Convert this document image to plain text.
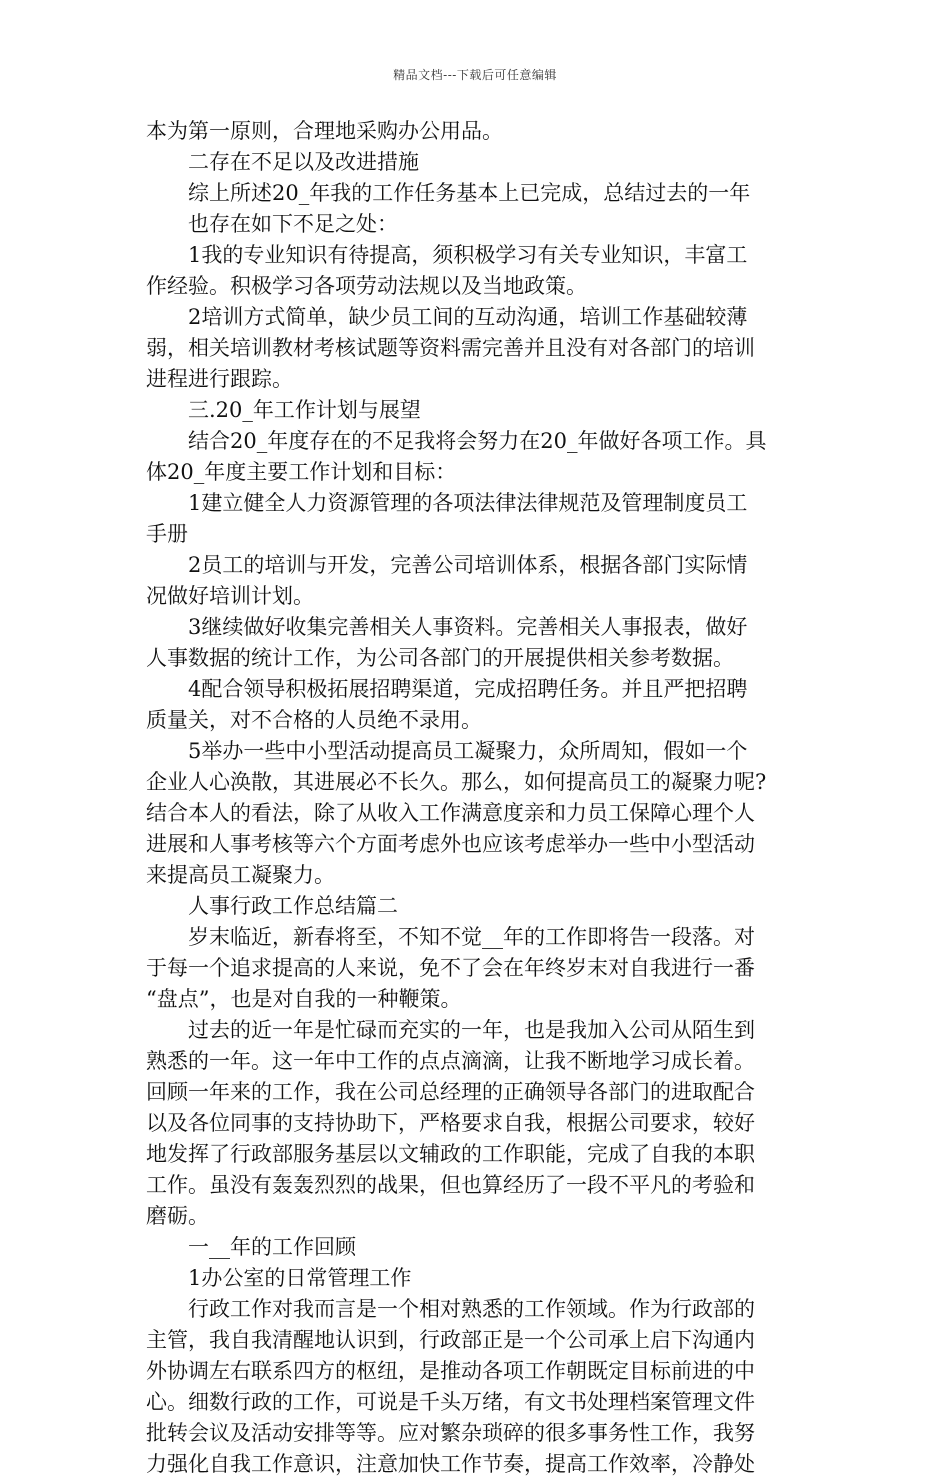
精品文档---下载后可任意编辑
本为第一原则，合理地采购办公用品。
二存在不足以及改进措施
综上所述20_年我的工作任务基本上已完成，总结过去的一年
也存在如下不足之处：
1我的专业知识有待提高，须积极学习有关专业知识，丰富工
作经验。积极学习各项劳动法规以及当地政策。
2培训方式简单，缺少员工间的互动沟通，培训工作基础较薄
弱，相关培训教材考核试题等资料需完善并且没有对各部门的培训
进程进行跟踪。
三.20_年工作计划与展望
结合20_年度存在的不足我将会努力在20_年做好各项工作。具
体20_年度主要工作计划和目标：
1建立健全人力资源管理的各项法律法律规范及管理制度员工
手册
2员工的培训与开发，完善公司培训体系，根据各部门实际情
况做好培训计划。
3继续做好收集完善相关人事资料。完善相关人事报表，做好
人事数据的统计工作，为公司各部门的开展提供相关参考数据。
4配合领导积极拓展招聘渠道，完成招聘任务。并且严把招聘
质量关，对不合格的人员绝不录用。
5举办一些中小型活动提高员工凝聚力，众所周知，假如一个
企业人心涣散，其进展必不长久。那么，如何提高员工的凝聚力呢?
结合本人的看法，除了从收入工作满意度亲和力员工保障心理个人
进展和人事考核等六个方面考虑外也应该考虑举办一些中小型活动
来提高员工凝聚力。
人事行政工作总结篇二
岁末临近，新春将至，不知不觉__年的工作即将告一段落。对
于每一个追求提高的人来说，免不了会在年终岁末对自我进行一番
“盘点”，也是对自我的一种鞭策。
过去的近一年是忙碌而充实的一年，也是我加入公司从陌生到
熟悉的一年。这一年中工作的点点滴滴，让我不断地学习成长着。
回顾一年来的工作，我在公司总经理的正确领导各部门的进取配合
以及各位同事的支持协助下，严格要求自我，根据公司要求，较好
地发挥了行政部服务基层以文辅政的工作职能，完成了自我的本职
工作。虽没有轰轰烈烈的战果，但也算经历了一段不平凡的考验和
磨砺。
一__年的工作回顾
1办公室的日常管理工作
行政工作对我而言是一个相对熟悉的工作领域。作为行政部的
主管，我自我清醒地认识到，行政部正是一个公司承上启下沟通内
外协调左右联系四方的枢纽，是推动各项工作朝既定目标前进的中
心。细数行政的工作，可说是千头万绪，有文书处理档案管理文件
批转会议及活动安排等等。应对繁杂琐碎的很多事务性工作，我努
力强化自我工作意识，注意加快工作节奏，提高工作效率，冷静处
